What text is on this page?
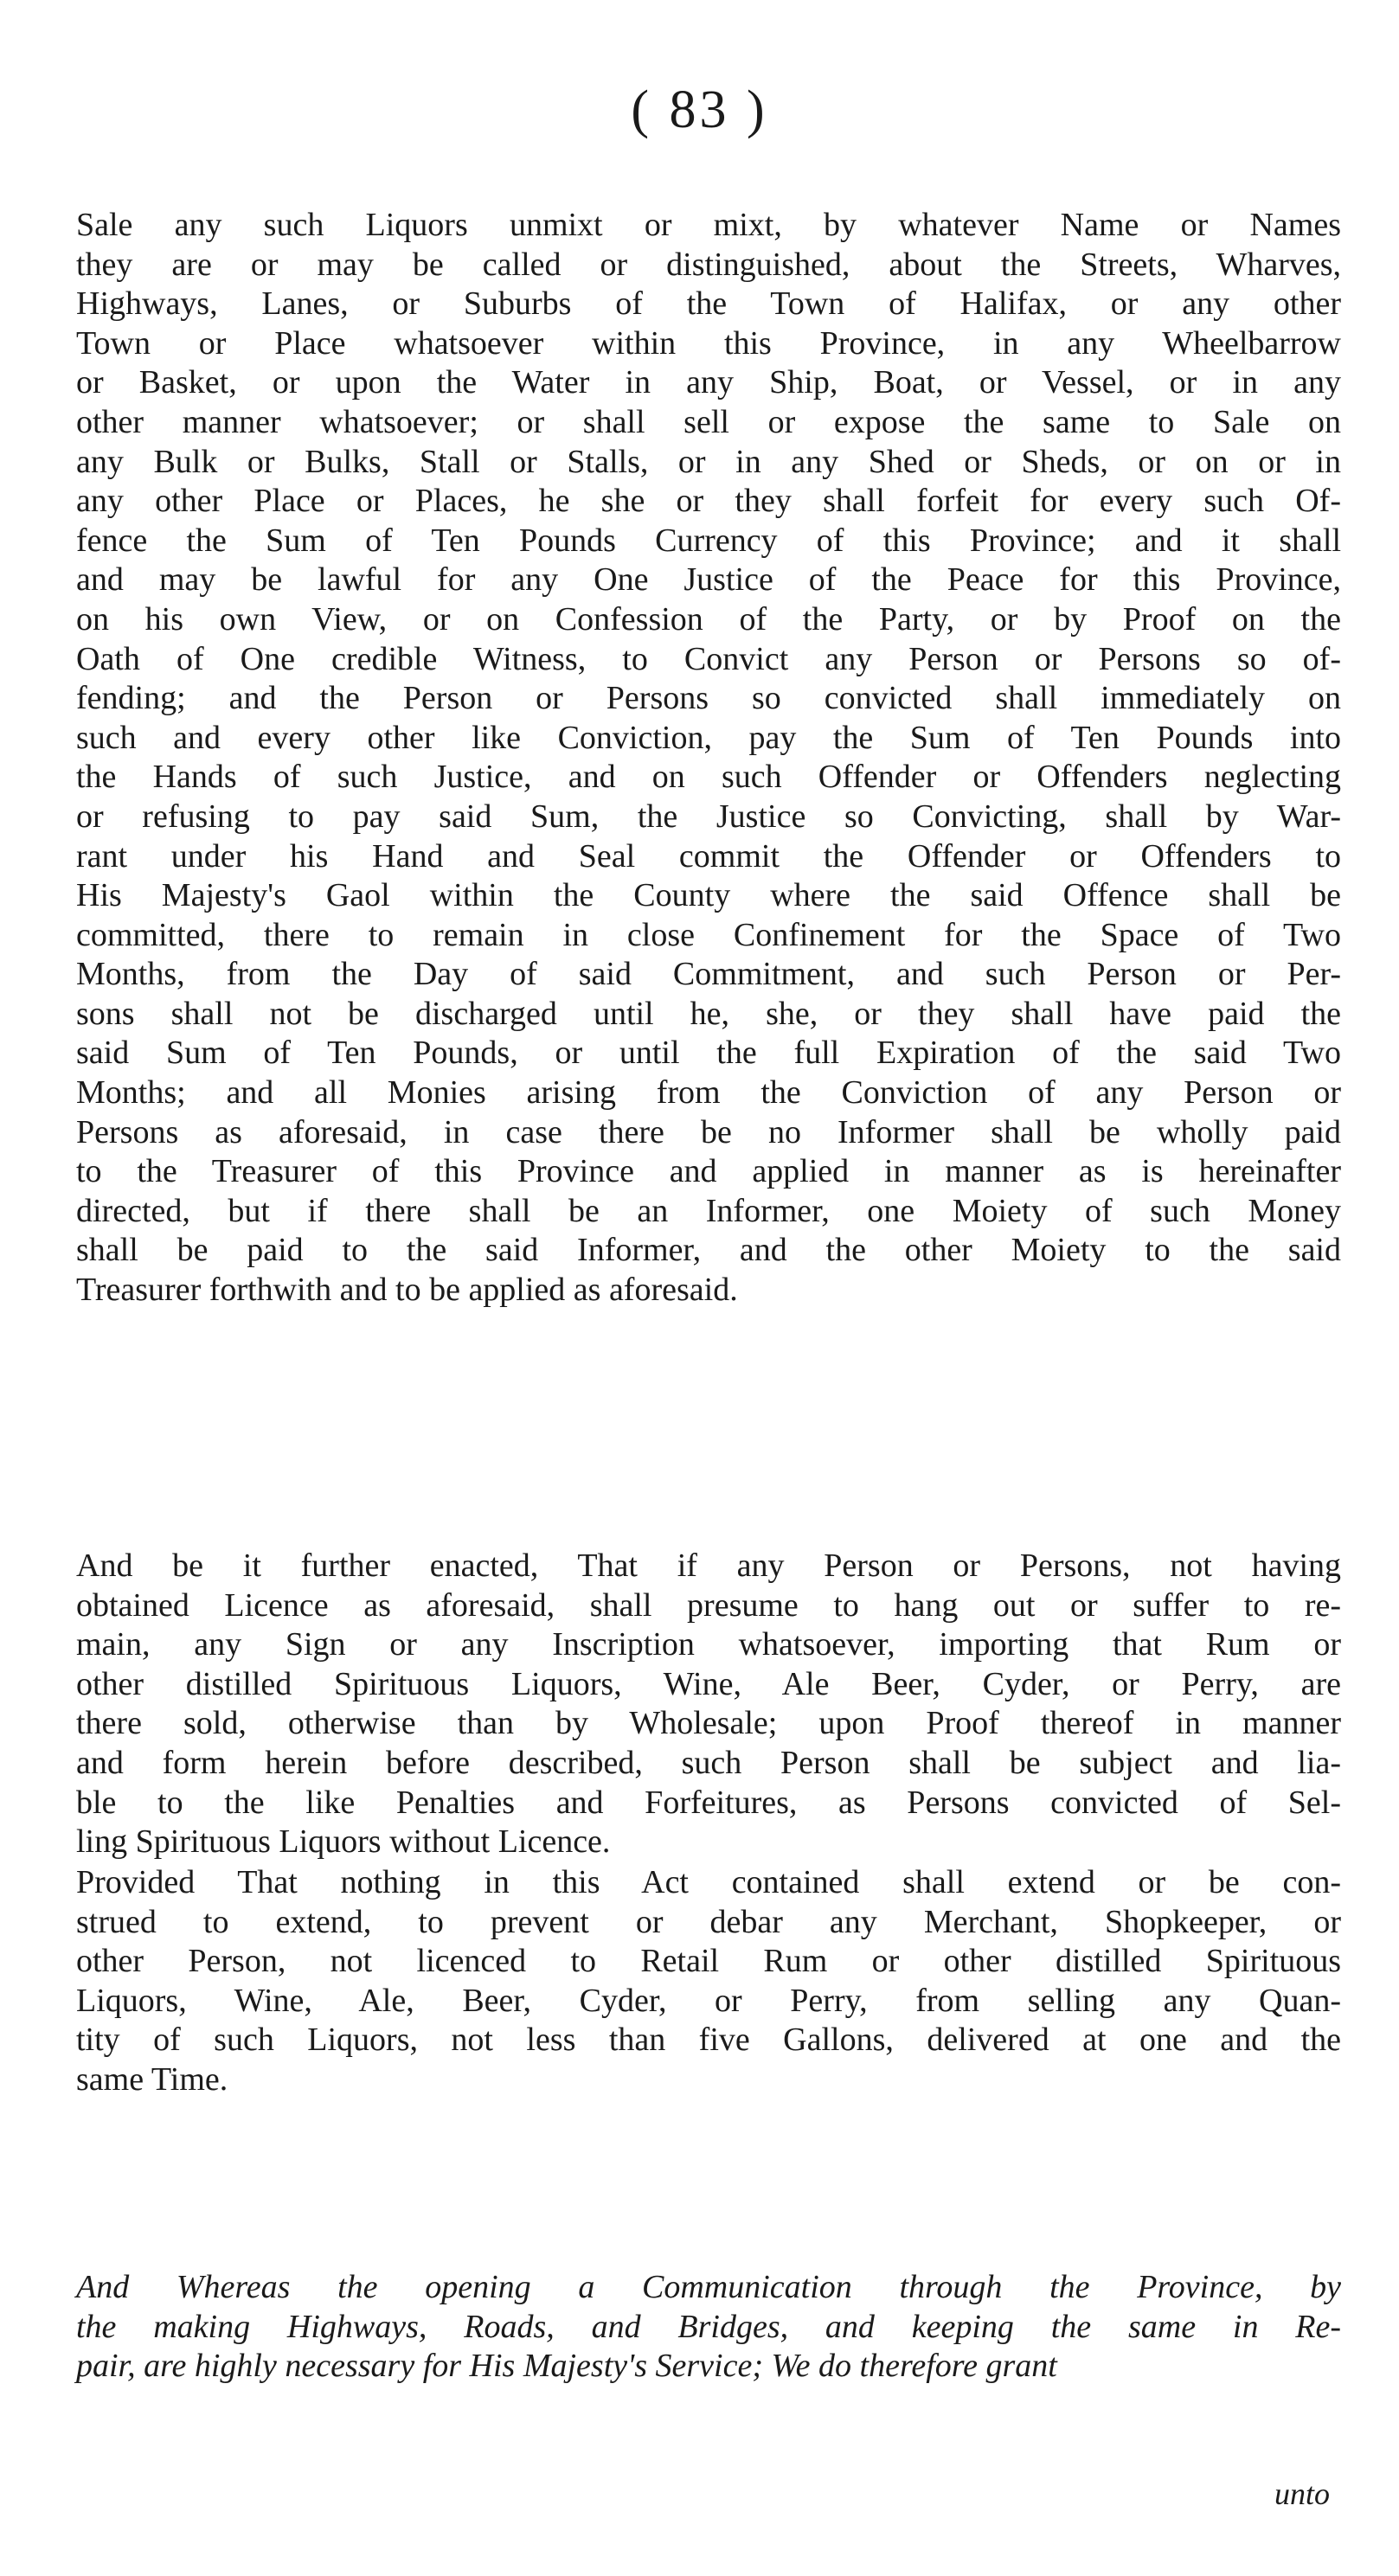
( 83 )

Sale any such Liquors unmixt or mixt, by whatever Name or Names
they are or may be called or distinguished, about the Streets, Wharves,
Highways, Lanes, or Suburbs of the Town of Halifax, or any other
Town or Place whatsoever within this Province, in any Wheelbarrow
or Basket, or upon the Water in any Ship, Boat, or Vessel, or in any
other manner whatsoever; or shall sell or expose the same to Sale on
any Bulk or Bulks, Stall or Stalls, or in any Shed or Sheds, or on or in
any other Place or Places, he she or they shall forfeit for every such Of-
fence the Sum of Ten Pounds Currency of this Province; and it shall
and may be lawful for any One Justice of the Peace for this Province,
on his own View, or on Confession of the Party, or by Proof on the
Oath of One credible Witness, to Convict any Person or Persons so of-
fending; and the Person or Persons so convicted shall immediately on
such and every other like Conviction, pay the Sum of Ten Pounds into
the Hands of such Justice, and on such Offender or Offenders neglecting
or refusing to pay said Sum, the Justice so Convicting, shall by War-
rant under his Hand and Seal commit the Offender or Offenders to
His Majesty's Gaol within the County where the said Offence shall be
committed, there to remain in close Confinement for the Space of Two
Months, from the Day of said Commitment, and such Person or Per-
sons shall not be discharged until he, she, or they shall have paid the
said Sum of Ten Pounds, or until the full Expiration of the said Two
Months; and all Monies arising from the Conviction of any Person or
Persons as aforesaid, in case there be no Informer shall be wholly paid
to the Treasurer of this Province and applied in manner as is hereinafter
directed, but if there shall be an Informer, one Moiety of such Money
shall be paid to the said Informer, and the other Moiety to the said
Treasurer forthwith and to be applied as aforesaid.

And be it further enacted, That if any Person or Persons, not having
obtained Licence as aforesaid, shall presume to hang out or suffer to re-
main, any Sign or any Inscription whatsoever, importing that Rum or
other distilled Spirituous Liquors, Wine, Ale Beer, Cyder, or Perry, are
there sold, otherwise than by Wholesale; upon Proof thereof in manner
and form herein before described, such Person shall be subject and lia-
ble to the like Penalties and Forfeitures, as Persons convicted of Sel-
ling Spirituous Liquors without Licence.

Provided That nothing in this Act contained shall extend or be con-
strued to extend, to prevent or debar any Merchant, Shopkeeper, or
other Person, not licenced to Retail Rum or other distilled Spirituous
Liquors, Wine, Ale, Beer, Cyder, or Perry, from selling any Quan-
tity of such Liquors, not less than five Gallons, delivered at one and the
same Time.

And Whereas the opening a Communication through the Province, by
the making Highways, Roads, and Bridges, and keeping the same in Re-
pair, are highly necessary for His Majesty's Service; We do therefore grant

unto
